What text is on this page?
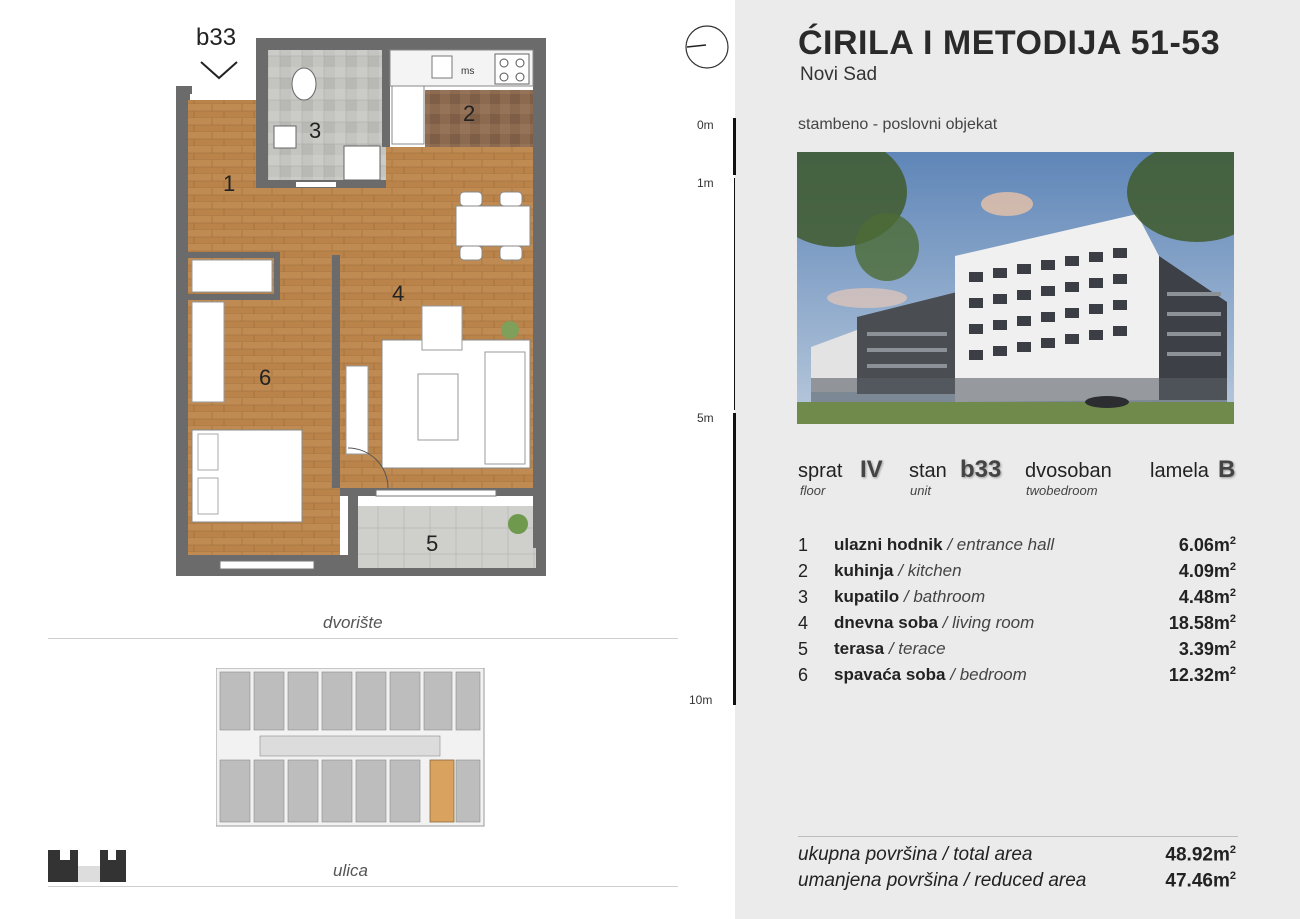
b33
1
2
3
4
5
6
ms
dvorište
ulica
0m
1m
5m
10m
ĆIRILA I METODIJA 51-53
Novi Sad
stambeno - poslovni objekat
sprat IV
floor
stan b33
unit
dvosoban
twobedroom
lamela B
1 ulazni hodnik / entrance hall	$6.06m^2$
2 kuhinja / kitchen	$4.09m^2$
3 kupatilo / bathroom	$4.48m^2$
4 dnevna soba / living room	$18.58m^2$
5 terasa / terace	$3.39m^2$
6 spavaća soba / bedroom	$12.32m^2$
ukupna površina / total area	$48.92m^2$
umanjena površina / reduced area	$47.46m^2$
